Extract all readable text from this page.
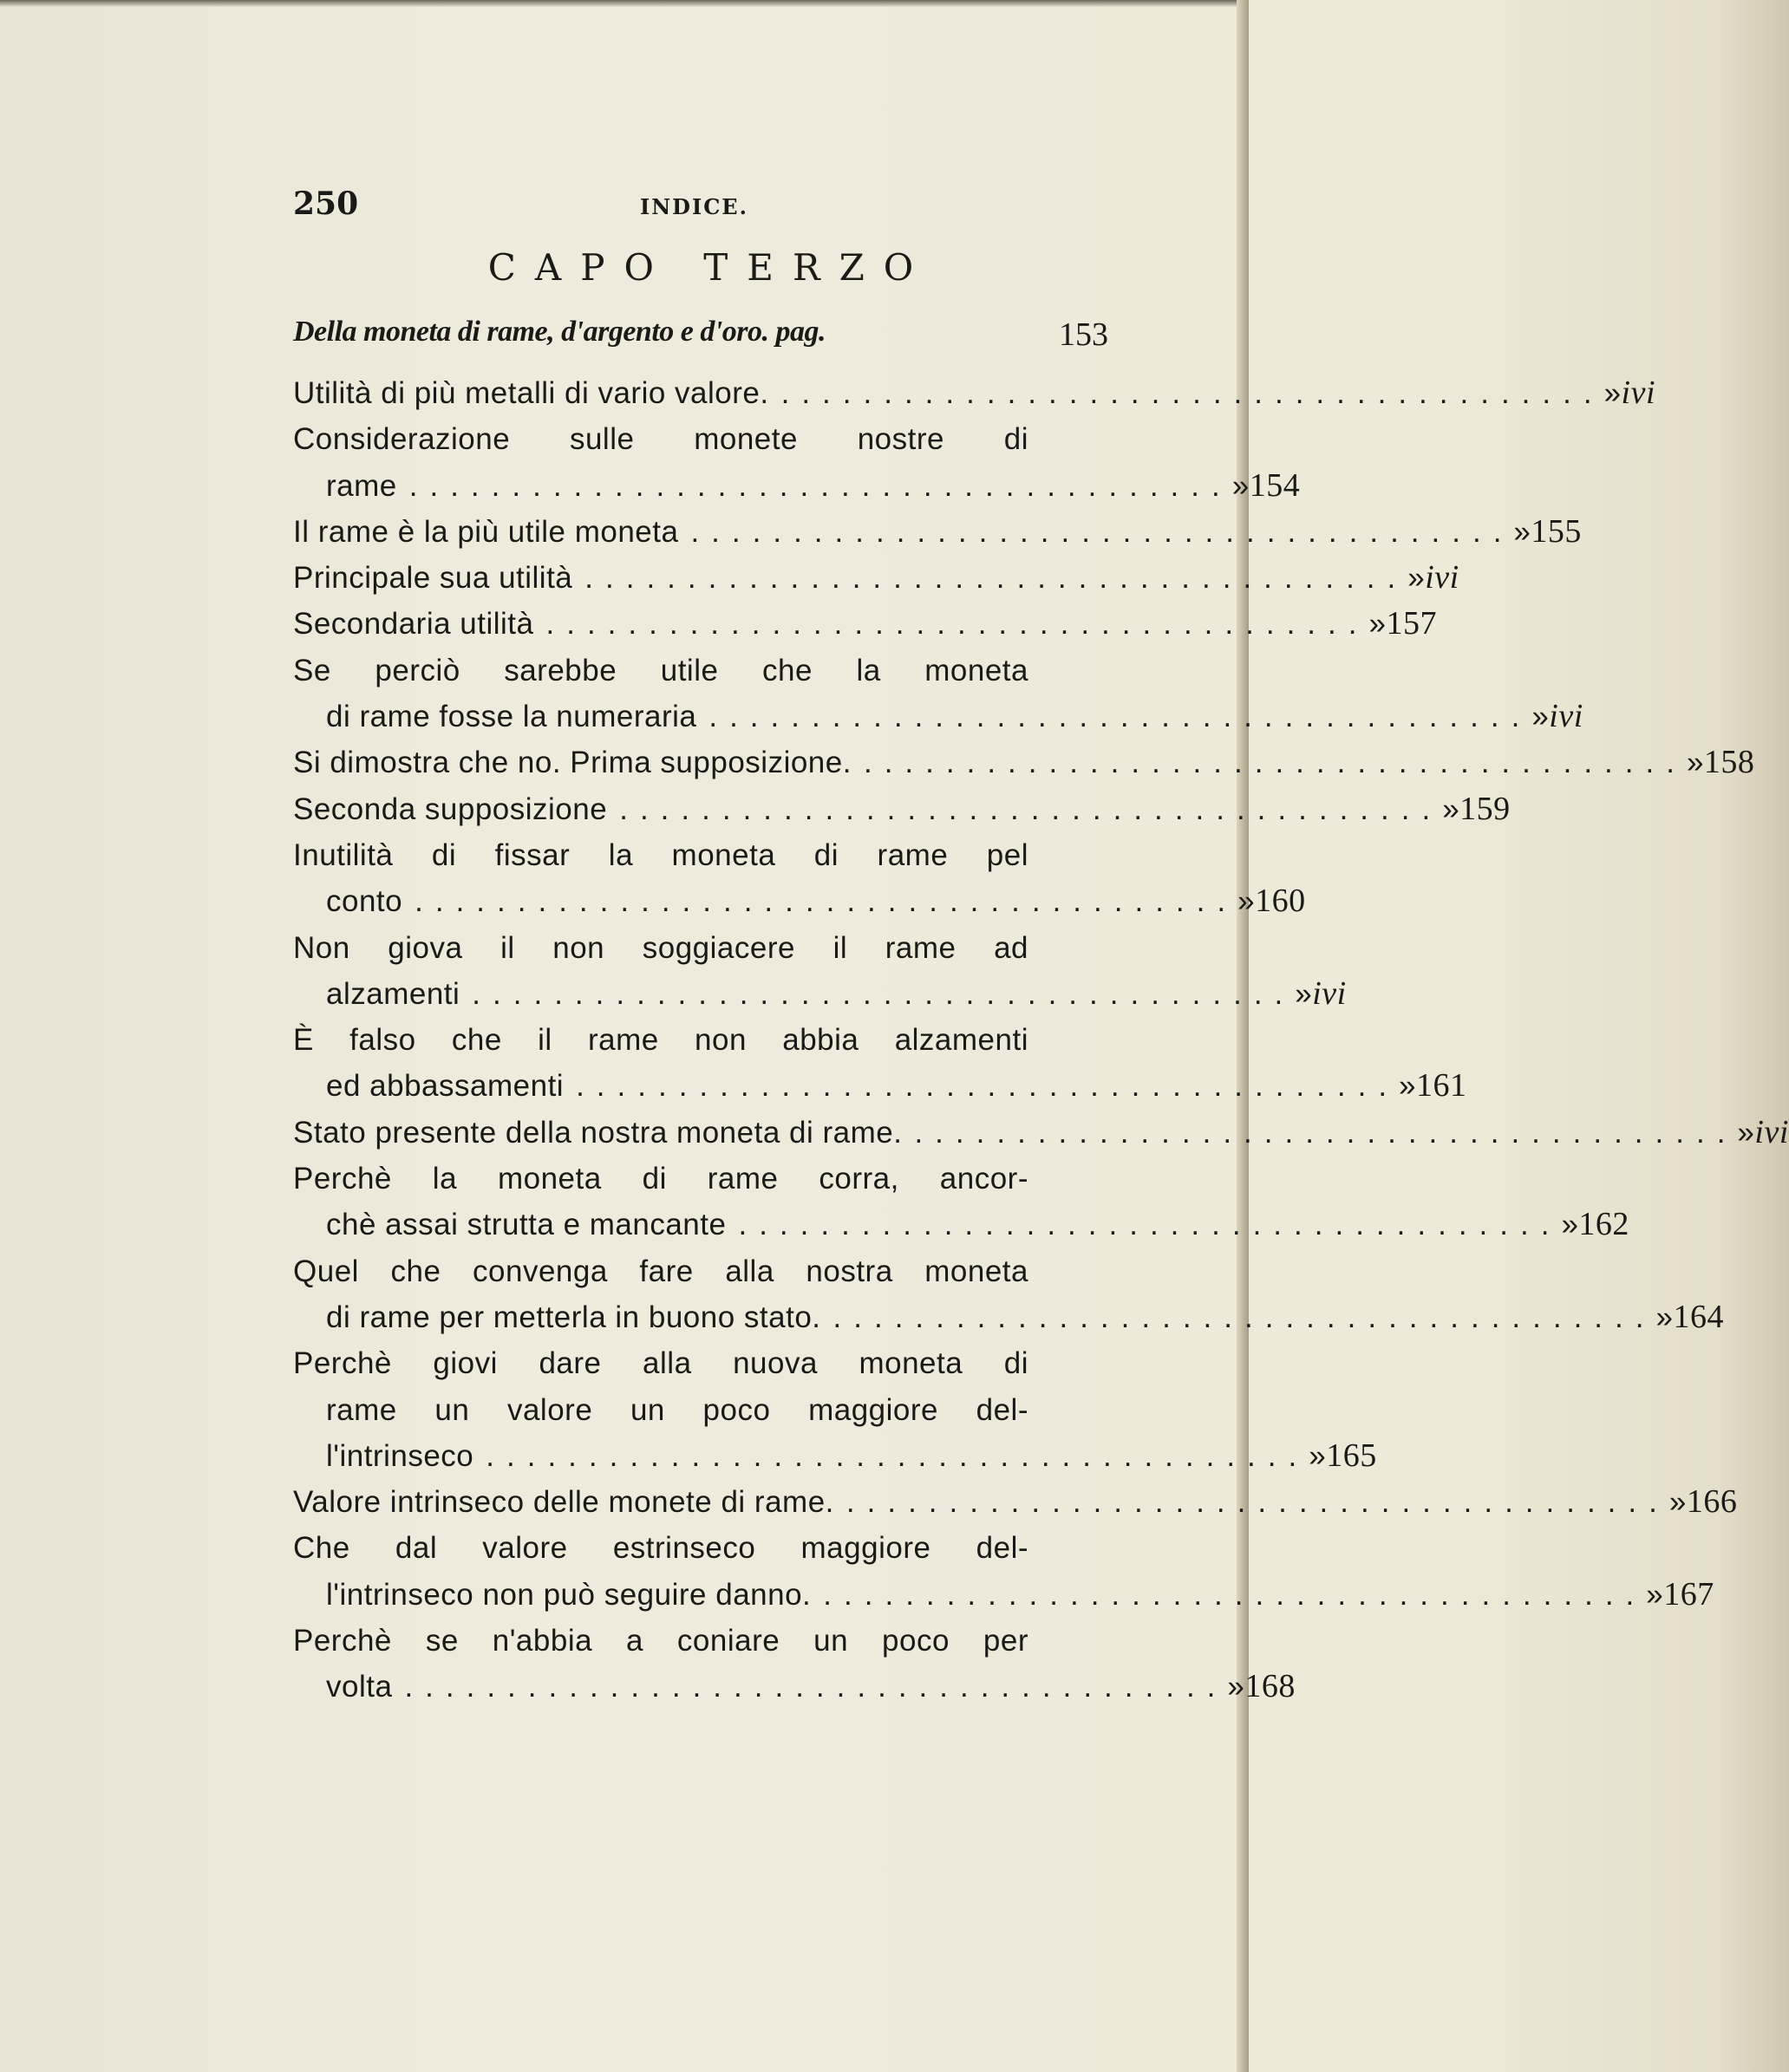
250	INDICE.
CAPO TERZO
Della moneta di rame, d'argento e d'oro. pag.	153
Utilità di più metalli di vario valore. ........................................ » ivi
Considerazione sulle monete nostre di
rame ........................................ » 154
Il rame è la più utile moneta ........................................ » 155
Principale sua utilità ........................................ » ivi
Secondaria utilità ........................................ » 157
Se perciò sarebbe utile che la moneta
di rame fosse la numeraria ........................................ » ivi
Si dimostra che no. Prima supposizione. ........................................ » 158
Seconda supposizione ........................................ » 159
Inutilità di fissar la moneta di rame pel
conto ........................................ » 160
Non giova il non soggiacere il rame ad
alzamenti ........................................ » ivi
È falso che il rame non abbia alzamenti
ed abbassamenti ........................................ » 161
Stato presente della nostra moneta di rame. ........................................ » ivi
Perchè la moneta di rame corra, ancor-
chè assai strutta e mancante ........................................ » 162
Quel che convenga fare alla nostra moneta
di rame per metterla in buono stato. ........................................ » 164
Perchè giovi dare alla nuova moneta di
rame un valore un poco maggiore del-
l'intrinseco ........................................ » 165
Valore intrinseco delle monete di rame. ........................................ » 166
Che dal valore estrinseco maggiore del-
l'intrinseco non può seguire danno. ........................................ » 167
Perchè se n'abbia a coniare un poco per
volta ........................................ » 168
